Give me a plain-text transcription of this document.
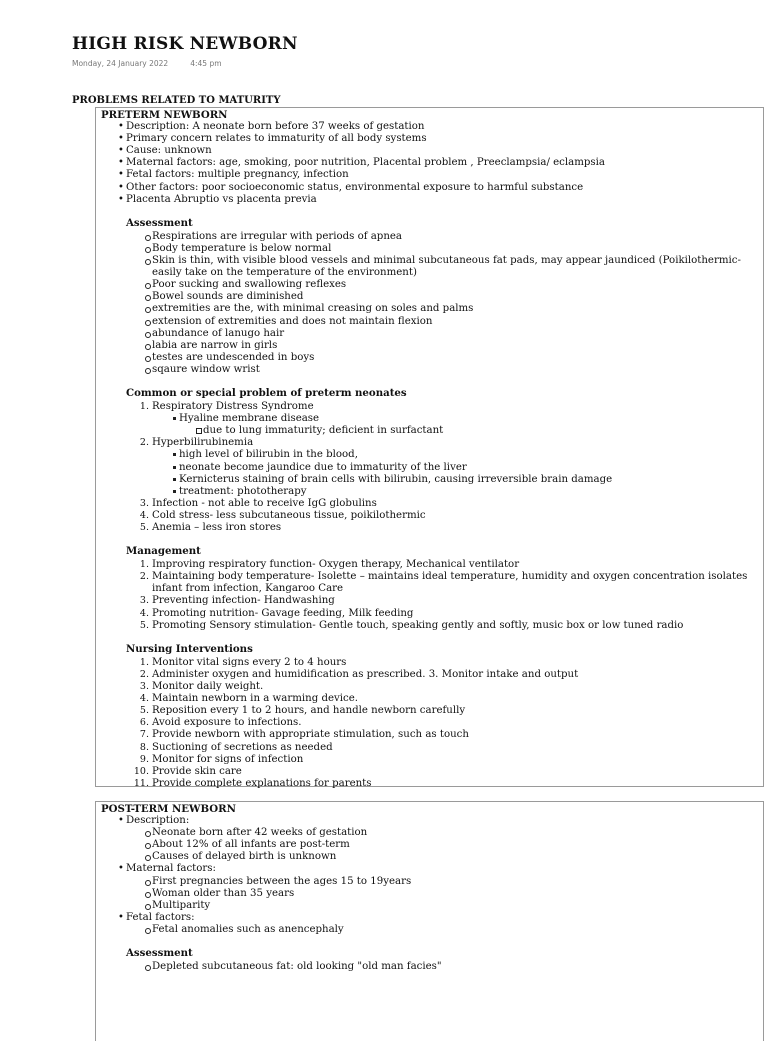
HIGH RISK NEWBORN
Monday, 24 January 2022	4:45 pm
PROBLEMS RELATED TO MATURITY
PRETERM NEWBORN
• Description: A neonate born before 37 weeks of gestation
• Primary concern relates to immaturity of all body systems
• Cause: unknown
• Maternal factors: age, smoking, poor nutrition, Placental problem , Preeclampsia/ eclampsia
• Fetal factors: multiple pregnancy, infection
• Other factors: poor socioeconomic status, environmental exposure to harmful substance
• Placenta Abruptio vs placenta previa
Assessment
Respirations are irregular with periods of apnea
Body temperature is below normal
Skin is thin, with visible blood vessels and minimal subcutaneous fat pads, may appear jaundiced (Poikilothermic- easily take on the temperature of the environment)
Poor sucking and swallowing reflexes
Bowel sounds are diminished
extremities are the, with minimal creasing on soles and palms
extension of extremities and does not maintain flexion
abundance of lanugo hair
labia are narrow in girls
testes are undescended in boys
sqaure window wrist
Common or special problem of preterm neonates
1. Respiratory Distress Syndrome
Hyaline membrane disease
due to lung immaturity; deficient in surfactant
2. Hyperbilirubinemia
high level of bilirubin in the blood,
neonate become jaundice due to immaturity of the liver
Kernicterus staining of brain cells with bilirubin, causing irreversible brain damage
treatment: phototherapy
3. Infection - not able to receive IgG globulins
4. Cold stress- less subcutaneous tissue, poikilothermic
5. Anemia – less iron stores
Management
1. Improving respiratory function- Oxygen therapy, Mechanical ventilator
2. Maintaining body temperature- Isolette – maintains ideal temperature, humidity and oxygen concentration isolates infant from infection, Kangaroo Care
3. Preventing infection- Handwashing
4. Promoting nutrition- Gavage feeding, Milk feeding
5. Promoting Sensory stimulation- Gentle touch, speaking gently and softly, music box or low tuned radio
Nursing Interventions
1. Monitor vital signs every 2 to 4 hours
2. Administer oxygen and humidification as prescribed. 3. Monitor intake and output
3. Monitor daily weight.
4. Maintain newborn in a warming device.
5. Reposition every 1 to 2 hours, and handle newborn carefully
6. Avoid exposure to infections.
7. Provide newborn with appropriate stimulation, such as touch
8. Suctioning of secretions as needed
9. Monitor for signs of infection
10. Provide skin care
11. Provide complete explanations for parents
POST-TERM NEWBORN
• Description:
Neonate born after 42 weeks of gestation
About 12% of all infants are post-term
Causes of delayed birth is unknown
• Maternal factors:
First pregnancies between the ages 15 to 19years
Woman older than 35 years
Multiparity
• Fetal factors:
Fetal anomalies such as anencephaly
Assessment
Depleted subcutaneous fat: old looking "old man facies"
